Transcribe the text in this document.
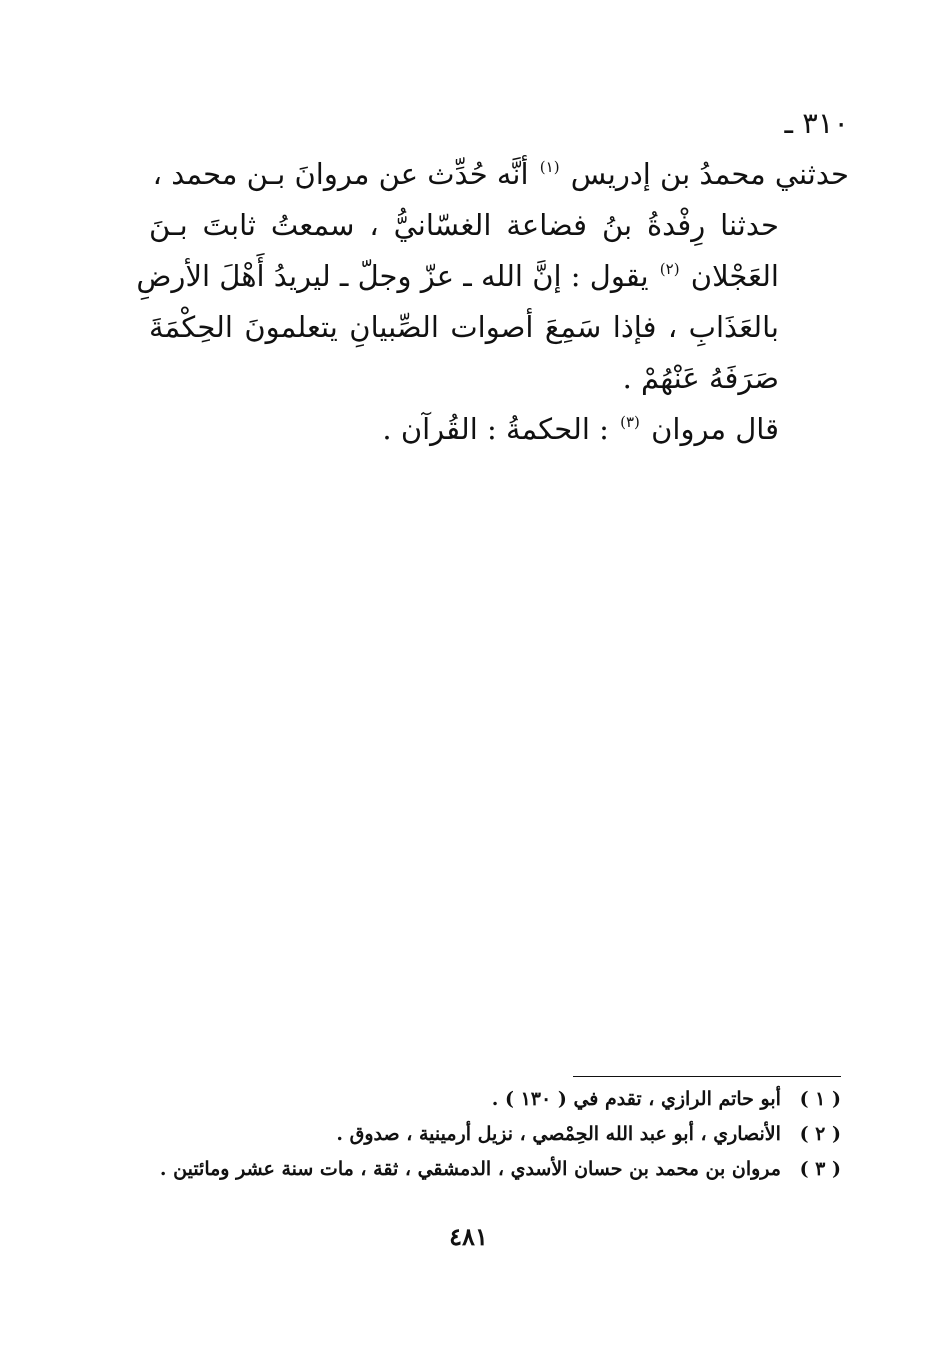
٣١٠ ـ حدثني محمدُ بن إدريس $^{(١)}$ أنَّه حُدِّث عن مروانَ بـن محمد ،
حدثنا رِفْدةُ بنُ فضاعة الغسّانيُّ ، سمعتُ ثابتَ بـنَ
العَجْلان $^{(٢)}$ يقول : إنَّ الله ـ عزّ وجلّ ـ ليريدُ أَهْلَ الأرضِ
بالعَذَابِ ، فإذا سَمِعَ أصوات الصِّبيانِ يتعلمونَ الحِكْمَةَ
صَرَفَهُ عَنْهُمْ .
قال مروان $^{(٣)}$ : الحكمةُ : القُرآن .
( ١ ) أبو حاتم الرازي ، تقدم في ( ١٣٠ ) .
( ٢ ) الأنصاري ، أبو عبد الله الحِمْصي ، نزيل أرمينية ، صدوق .
( ٣ ) مروان بن محمد بن حسان الأسدي ، الدمشقي ، ثقة ، مات سنة عشر ومائتين .
٤٨١
